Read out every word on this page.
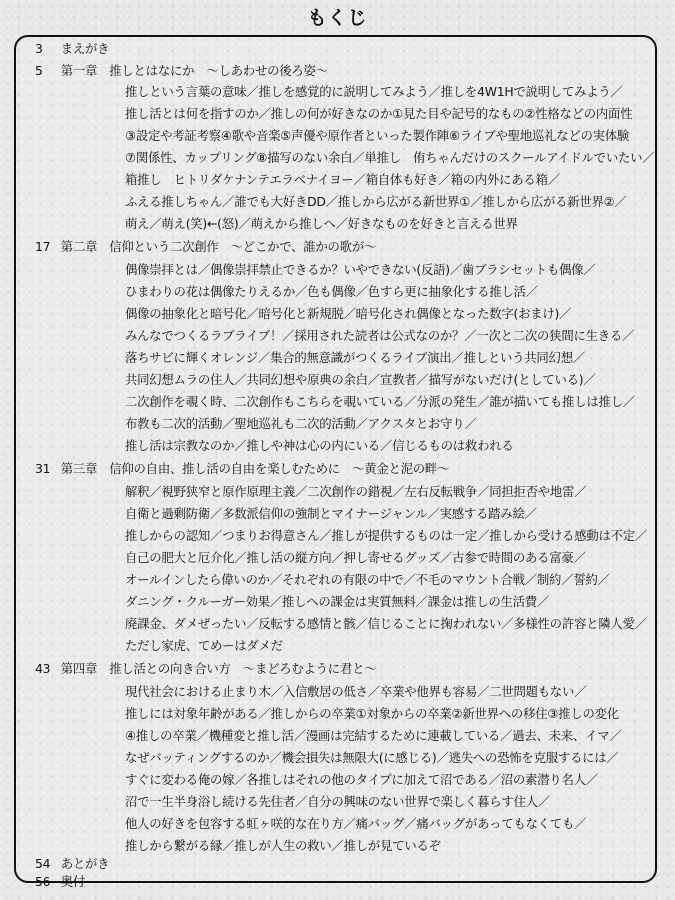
もくじ
3 まえがき
5 第一章　推しとはなにか　〜しあわせの後ろ姿〜
推しという言葉の意味／推しを感覚的に説明してみよう／推しを4W1Hで説明してみよう／
推し活とは何を指すのか／推しの何が好きなのか①見た目や記号的なもの②性格などの内面性
③設定や考証考察④歌や音楽⑤声優や原作者といった製作陣⑥ライブや聖地巡礼などの実体験
⑦関係性、カップリング⑧描写のない余白／単推し　侑ちゃんだけのスクールアイドルでいたい／
箱推し　ヒトリダケナンテエラベナイヨー／箱自体も好き／箱の内外にある箱／
ふえる推しちゃん／誰でも大好きDD／推しから広がる新世界①／推しから広がる新世界②／
萌え／萌え(笑)←(怒)／萌えから推しへ／好きなものを好きと言える世界
17 第二章　信仰という二次創作　〜どこかで、誰かの歌が〜
偶像崇拝とは／偶像崇拝禁止できるか？いやできない(反語)／歯ブラシセットも偶像／
ひまわりの花は偶像たりえるか／色も偶像／色すら更に抽象化する推し活／
偶像の抽象化と暗号化／暗号化と新規脱／暗号化され偶像となった数字(おまけ)／
みんなでつくるラブライブ！／採用された読者は公式なのか？／一次と二次の狭間に生きる／
落ちサビに輝くオレンジ／集合的無意識がつくるライブ演出／推しという共同幻想／
共同幻想ムラの住人／共同幻想や原典の余白／宣教者／描写がないだけ(としている)／
二次創作を覗く時、二次創作もこちらを覗いている／分派の発生／誰が描いても推しは推し／
布教も二次的活動／聖地巡礼も二次的活動／アクスタとお守り／
推し活は宗教なのか／推しや神は心の内にいる／信じるものは救われる
31 第三章　信仰の自由、推し活の自由を楽しむために　〜黄金と泥の畔〜
解釈／視野狭窄と原作原理主義／二次創作の錯視／左右反転戦争／同担拒否や地雷／
自衛と過剰防衛／多数派信仰の強制とマイナージャンル／実感する踏み絵／
推しからの認知／つまりお得意さん／推しが提供するものは一定／推しから受ける感動は不定／
自己の肥大と厄介化／推し活の縦方向／押し寄せるグッズ／古参で時間のある富豪／
オールインしたら偉いのか／それぞれの有限の中で／不毛のマウント合戦／制約／誓約／
ダニング・クルーガー効果／推しへの課金は実質無料／課金は推しの生活費／
廃課金、ダメぜったい／反転する感情と骸／信じることに掬われない／多様性の許容と隣人愛／
ただし家虎、てめーはダメだ
43 第四章　推し活との向き合い方　〜まどろむように君と〜
現代社会における止まり木／入信敷居の低さ／卒業や他界も容易／二世問題もない／
推しには対象年齢がある／推しからの卒業①対象からの卒業②新世界への移住③推しの変化
④推しの卒業／機種変と推し活／漫画は完結するために連載している／過去、未来、イマ／
なぜバッティングするのか／機会損失は無限大(に感じる)／逃失への恐怖を克服するには／
すぐに変わる俺の嫁／各推しはそれの他のタイプに加えて沼である／沼の素潜り名人／
沼で一生半身浴し続ける先住者／自分の興味のない世界で楽しく暮らす住人／
他人の好きを包容する虹ヶ咲的な在り方／痛バッグ／痛バッグがあってもなくても／
推しから繋がる縁／推しが人生の救い／推しが見ているぞ
54 あとがき
56 奥付
